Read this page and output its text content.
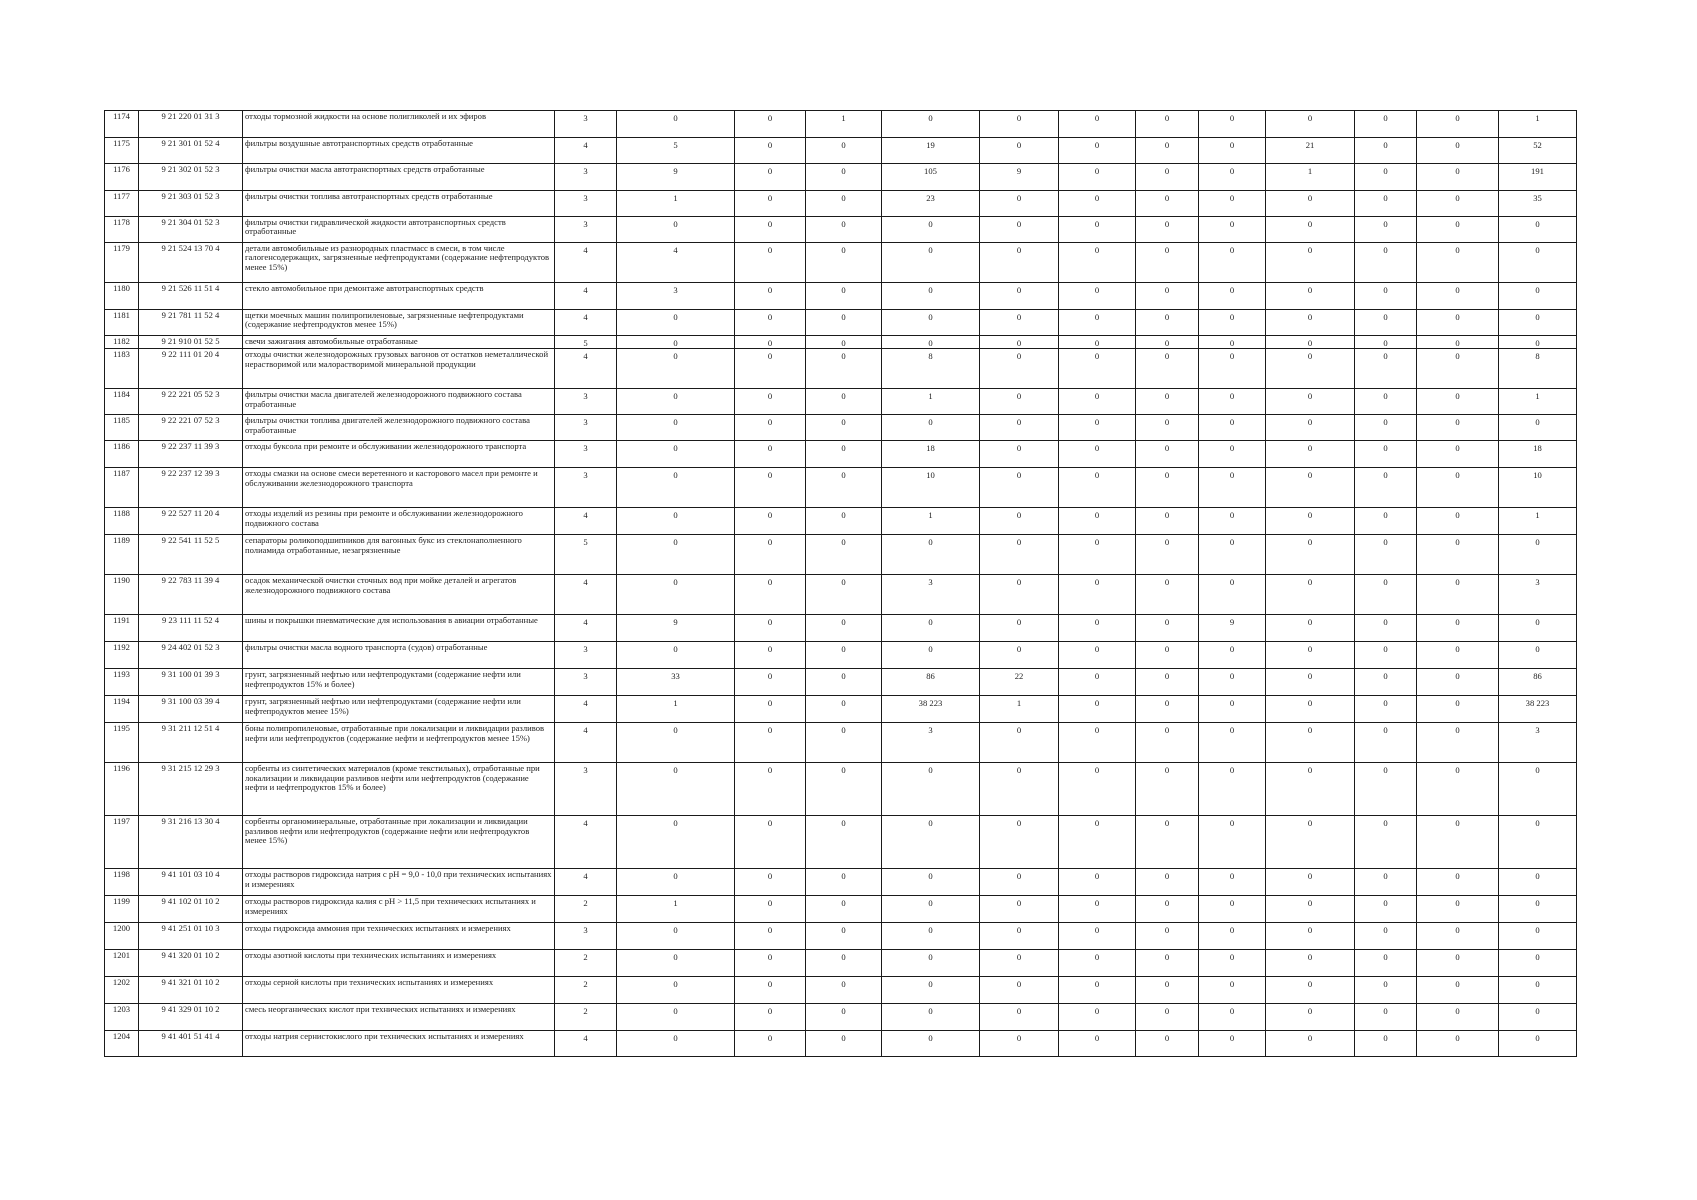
1174	9 21 220 01 31 3	отходы тормозной жидкости на основе полигликолей и их эфиров	3	0	0	1	0	0	0	0	0	0	0	0	1
1175	9 21 301 01 52 4	фильтры воздушные автотранспортных средств отработанные	4	5	0	0	19	0	0	0	0	21	0	0	52
1176	9 21 302 01 52 3	фильтры очистки масла автотранспортных средств отработанные	3	9	0	0	105	9	0	0	0	1	0	0	191
1177	9 21 303 01 52 3	фильтры очистки топлива автотранспортных средств отработанные	3	1	0	0	23	0	0	0	0	0	0	0	35
1178	9 21 304 01 52 3	фильтры очистки гидравлической жидкости автотранспортных средств отработанные	3	0	0	0	0	0	0	0	0	0	0	0	0
1179	9 21 524 13 70 4	детали автомобильные из разнородных пластмасс в смеси, в том числе галогенсодержащих, загрязненные нефтепродуктами (содержание нефтепродуктов менее 15%)	4	4	0	0	0	0	0	0	0	0	0	0	0
1180	9 21 526 11 51 4	стекло автомобильное при демонтаже автотранспортных средств	4	3	0	0	0	0	0	0	0	0	0	0	0
1181	9 21 781 11 52 4	щетки моечных машин полипропиленовые, загрязненные нефтепродуктами (содержание нефтепродуктов менее 15%)	4	0	0	0	0	0	0	0	0	0	0	0	0
1182	9 21 910 01 52 5	свечи зажигания автомобильные отработанные	5	0	0	0	0	0	0	0	0	0	0	0	0
1183	9 22 111 01 20 4	отходы очистки железнодорожных грузовых вагонов от остатков неметаллической нерастворимой или малорастворимой минеральной продукции	4	0	0	0	8	0	0	0	0	0	0	0	8
1184	9 22 221 05 52 3	фильтры очистки масла двигателей железнодорожного подвижного состава отработанные	3	0	0	0	1	0	0	0	0	0	0	0	1
1185	9 22 221 07 52 3	фильтры очистки топлива двигателей железнодорожного подвижного состава отработанные	3	0	0	0	0	0	0	0	0	0	0	0	0
1186	9 22 237 11 39 3	отходы буксола при ремонте и обслуживании железнодорожного транспорта	3	0	0	0	18	0	0	0	0	0	0	0	18
1187	9 22 237 12 39 3	отходы смазки на основе смеси веретенного и касторового масел при ремонте и обслуживании железнодорожного транспорта	3	0	0	0	10	0	0	0	0	0	0	0	10
1188	9 22 527 11 20 4	отходы изделий из резины при ремонте и обслуживании железнодорожного подвижного состава	4	0	0	0	1	0	0	0	0	0	0	0	1
1189	9 22 541 11 52 5	сепараторы роликоподшипников для вагонных букс из стеклонаполненного полиамида отработанные, незагрязненные	5	0	0	0	0	0	0	0	0	0	0	0	0
1190	9 22 783 11 39 4	осадок механической очистки сточных вод при мойке деталей и агрегатов железнодорожного подвижного состава	4	0	0	0	3	0	0	0	0	0	0	0	3
1191	9 23 111 11 52 4	шины и покрышки пневматические для использования в авиации отработанные	4	9	0	0	0	0	0	0	9	0	0	0	0
1192	9 24 402 01 52 3	фильтры очистки масла водного транспорта (судов) отработанные	3	0	0	0	0	0	0	0	0	0	0	0	0
1193	9 31 100 01 39 3	грунт, загрязненный нефтью или нефтепродуктами (содержание нефти или нефтепродуктов 15% и более)	3	33	0	0	86	22	0	0	0	0	0	0	86
1194	9 31 100 03 39 4	грунт, загрязненный нефтью или нефтепродуктами (содержание нефти или нефтепродуктов менее 15%)	4	1	0	0	38 223	1	0	0	0	0	0	0	38 223
1195	9 31 211 12 51 4	боны полипропиленовые, отработанные при локализации и ликвидации разливов нефти или нефтепродуктов (содержание нефти и нефтепродуктов менее 15%)	4	0	0	0	3	0	0	0	0	0	0	0	3
1196	9 31 215 12 29 3	сорбенты из синтетических материалов (кроме текстильных), отработанные при локализации и ликвидации разливов нефти или нефтепродуктов (содержание нефти и нефтепродуктов 15% и более)	3	0	0	0	0	0	0	0	0	0	0	0	0
1197	9 31 216 13 30 4	сорбенты органоминеральные, отработанные при локализации и ликвидации разливов нефти или нефтепродуктов (содержание нефти или нефтепродуктов менее 15%)	4	0	0	0	0	0	0	0	0	0	0	0	0
1198	9 41 101 03 10 4	отходы растворов гидроксида натрия с pH = 9,0 - 10,0 при технических испытаниях и измерениях	4	0	0	0	0	0	0	0	0	0	0	0	0
1199	9 41 102 01 10 2	отходы растворов гидроксида калия с pH > 11,5 при технических испытаниях и измерениях	2	1	0	0	0	0	0	0	0	0	0	0	0
1200	9 41 251 01 10 3	отходы гидроксида аммония при технических испытаниях и измерениях	3	0	0	0	0	0	0	0	0	0	0	0	0
1201	9 41 320 01 10 2	отходы азотной кислоты при технических испытаниях и измерениях	2	0	0	0	0	0	0	0	0	0	0	0	0
1202	9 41 321 01 10 2	отходы серной кислоты при технических испытаниях и измерениях	2	0	0	0	0	0	0	0	0	0	0	0	0
1203	9 41 329 01 10 2	смесь неорганических кислот при технических испытаниях и измерениях	2	0	0	0	0	0	0	0	0	0	0	0	0
1204	9 41 401 51 41 4	отходы натрия сернистокислого при технических испытаниях и измерениях	4	0	0	0	0	0	0	0	0	0	0	0	0
